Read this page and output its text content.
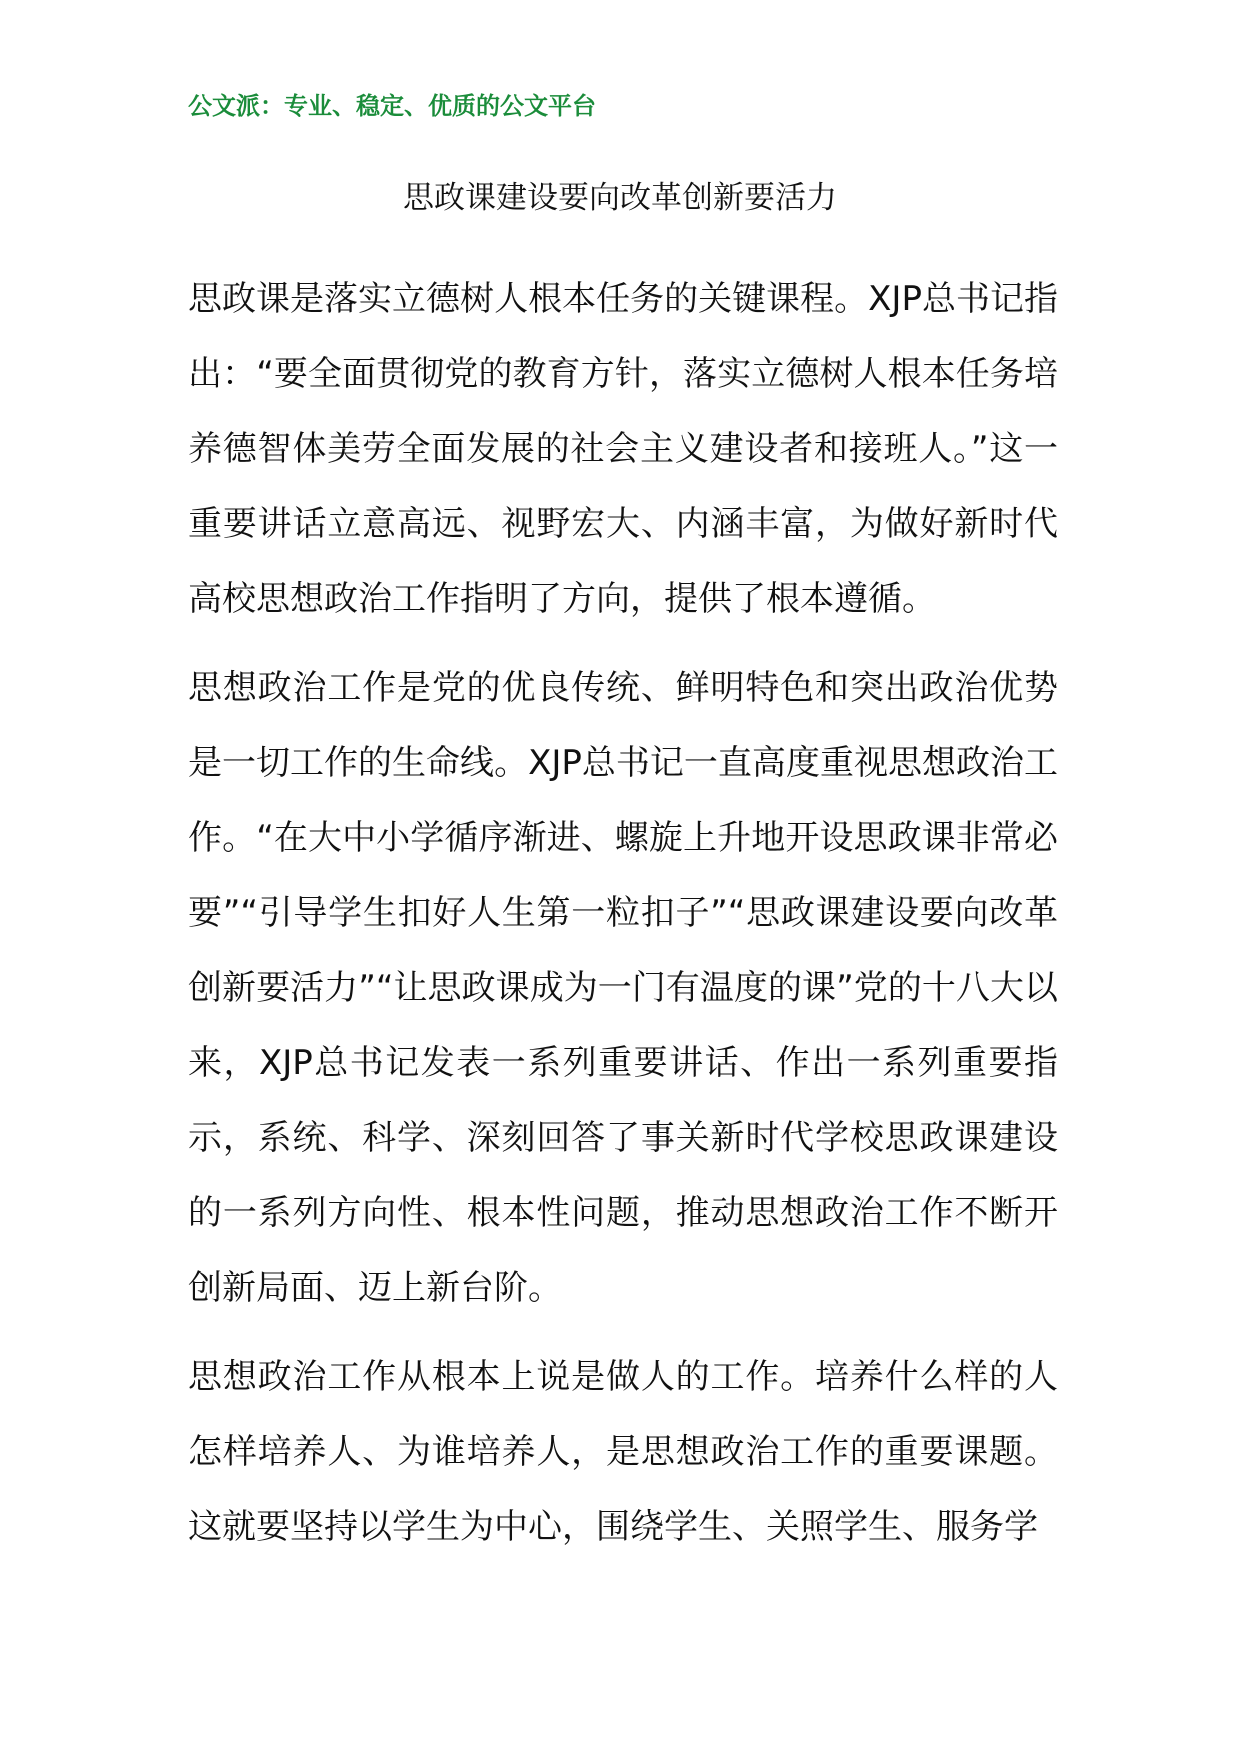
公文派：专业、稳定、优质的公文平台
思政课建设要向改革创新要活力

思政课是落实立德树人根本任务的关键课程。XJP总书记指出：“要全面贯彻党的教育方针，落实立德树人根本任务培养德智体美劳全面发展的社会主义建设者和接班人。”这一重要讲话立意高远、视野宏大、内涵丰富，为做好新时代高校思想政治工作指明了方向，提供了根本遵循。

思想政治工作是党的优良传统、鲜明特色和突出政治优势是一切工作的生命线。XJP总书记一直高度重视思想政治工作。“在大中小学循序渐进、螺旋上升地开设思政课非常必要”“引导学生扣好人生第一粒扣子”“思政课建设要向改革创新要活力”“让思政课成为一门有温度的课”党的十八大以来，XJP总书记发表一系列重要讲话、作出一系列重要指示，系统、科学、深刻回答了事关新时代学校思政课建设的一系列方向性、根本性问题，推动思想政治工作不断开创新局面、迈上新台阶。

思想政治工作从根本上说是做人的工作。培养什么样的人怎样培养人、为谁培养人，是思想政治工作的重要课题。这就要坚持以学生为中心，围绕学生、关照学生、服务学
